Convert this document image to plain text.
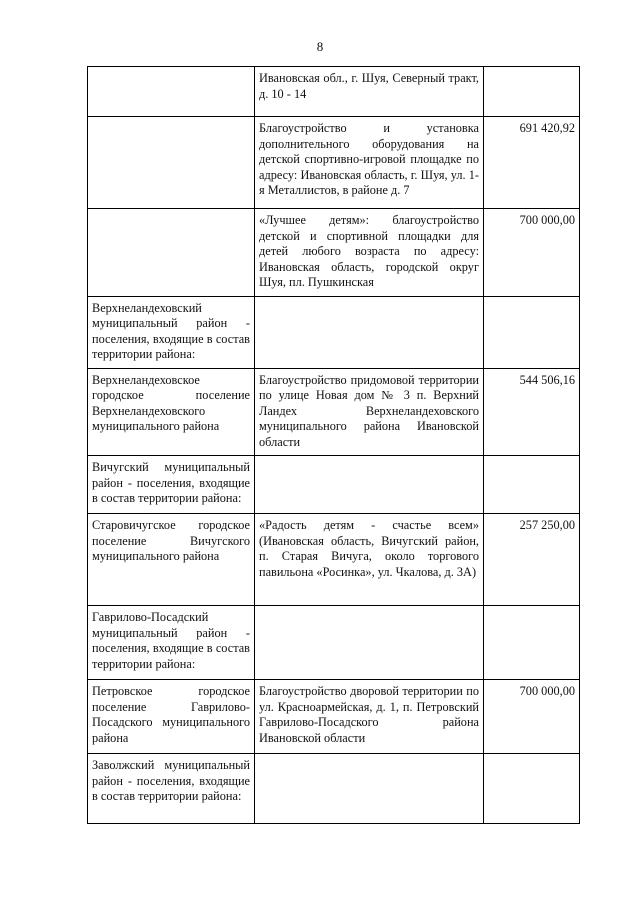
8
	Ивановская обл., г. Шуя, Северный тракт, д. 10 - 14	
	Благоустройство и установка дополнительного оборудования на детской спортивно-игровой площадке по адресу: Ивановская область, г. Шуя, ул. 1-я Металлистов, в районе д. 7	691 420,92
	«Лучшее детям»: благоустройство детской и спортивной площадки для детей любого возраста по адресу: Ивановская область, городской округ Шуя, пл. Пушкинская	700 000,00
Верхнеландеховский муниципальный район - поселения, входящие в состав территории района:		
Верхнеландеховское городское поселение Верхнеландеховского муниципального района	Благоустройство придомовой территории по улице Новая дом № 3 п. Верхний Ландех Верхнеландеховского муниципального района Ивановской области	544 506,16
Вичугский муниципальный район - поселения, входящие в состав территории района:		
Старовичугское городское поселение Вичугского муниципального района	«Радость детям - счастье всем» (Ивановская область, Вичугский район, п. Старая Вичуга, около торгового павильона «Росинка», ул. Чкалова, д. 3А)	257 250,00
Гаврилово-Посадский муниципальный район - поселения, входящие в состав территории района:		
Петровское городское поселение Гаврилово-Посадского муниципального района	Благоустройство дворовой территории по ул. Красноармейская, д. 1, п. Петровский Гаврилово-Посадского района Ивановской области	700 000,00
Заволжский муниципальный район - поселения, входящие в состав территории района:		
